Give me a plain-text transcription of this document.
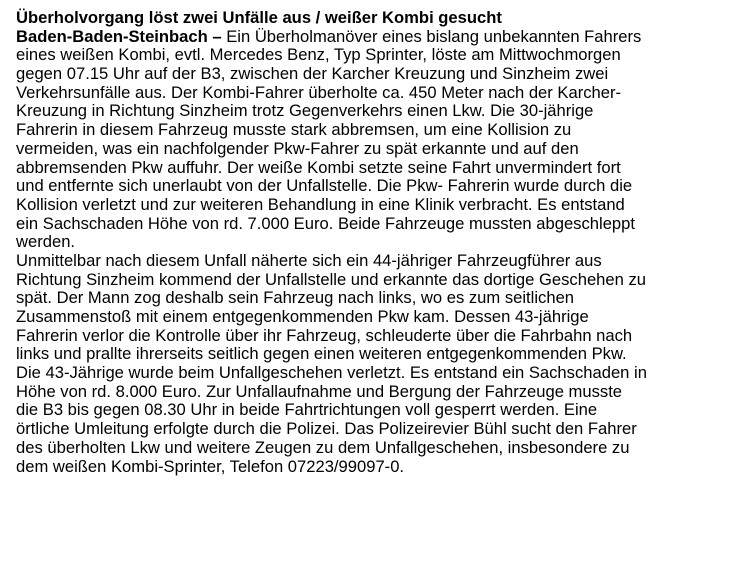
Überholvorgang löst zwei Unfälle aus / weißer Kombi gesucht
Baden-Baden-Steinbach – Ein Überholmanöver eines bislang unbekannten Fahrers
eines weißen Kombi, evtl. Mercedes Benz, Typ Sprinter, löste am Mittwochmorgen
gegen 07.15 Uhr auf der B3, zwischen der Karcher Kreuzung und Sinzheim zwei
Verkehrsunfälle aus. Der Kombi-Fahrer überholte ca. 450 Meter nach der Karcher-
Kreuzung in Richtung Sinzheim trotz Gegenverkehrs einen Lkw. Die 30-jährige
Fahrerin in diesem Fahrzeug musste stark abbremsen, um eine Kollision zu
vermeiden, was ein nachfolgender Pkw-Fahrer zu spät erkannte und auf den
abbremsenden Pkw auffuhr. Der weiße Kombi setzte seine Fahrt unvermindert fort
und entfernte sich unerlaubt von der Unfallstelle. Die Pkw- Fahrerin wurde durch die
Kollision verletzt und zur weiteren Behandlung in eine Klinik verbracht. Es entstand
ein Sachschaden Höhe von rd. 7.000 Euro. Beide Fahrzeuge mussten abgeschleppt
werden.
Unmittelbar nach diesem Unfall näherte sich ein 44-jähriger Fahrzeugführer aus
Richtung Sinzheim kommend der Unfallstelle und erkannte das dortige Geschehen zu
spät. Der Mann zog deshalb sein Fahrzeug nach links, wo es zum seitlichen
Zusammenstoß mit einem entgegenkommenden Pkw kam. Dessen 43-jährige
Fahrerin verlor die Kontrolle über ihr Fahrzeug, schleuderte über die Fahrbahn nach
links und prallte ihrerseits seitlich gegen einen weiteren entgegenkommenden Pkw.
Die 43-Jährige wurde beim Unfallgeschehen verletzt. Es entstand ein Sachschaden in
Höhe von rd. 8.000 Euro. Zur Unfallaufnahme und Bergung der Fahrzeuge musste
die B3 bis gegen 08.30 Uhr in beide Fahrtrichtungen voll gesperrt werden. Eine
örtliche Umleitung erfolgte durch die Polizei. Das Polizeirevier Bühl sucht den Fahrer
des überholten Lkw und weitere Zeugen zu dem Unfallgeschehen, insbesondere zu
dem weißen Kombi-Sprinter, Telefon 07223/99097-0.
